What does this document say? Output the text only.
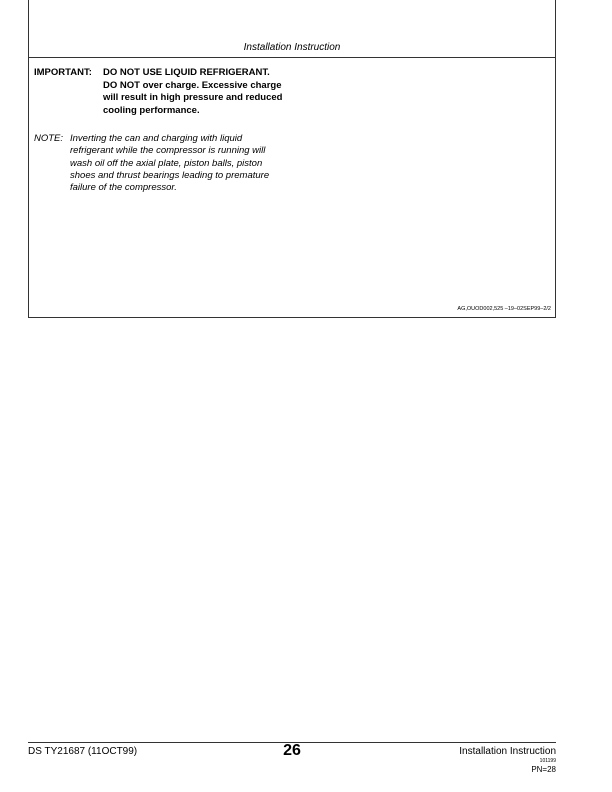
Installation Instruction
IMPORTANT: DO NOT USE LIQUID REFRIGERANT.
DO NOT over charge. Excessive charge
will result in high pressure and reduced
cooling performance.
NOTE: Inverting the can and charging with liquid
refrigerant while the compressor is running will
wash oil off the axial plate, piston balls, piston
shoes and thrust bearings leading to premature
failure of the compressor.
AG,OUOD002,525 –19–02SEP99–2/2
DS TY21687 (11OCT99)	26	Installation Instruction
101199
PN=28
